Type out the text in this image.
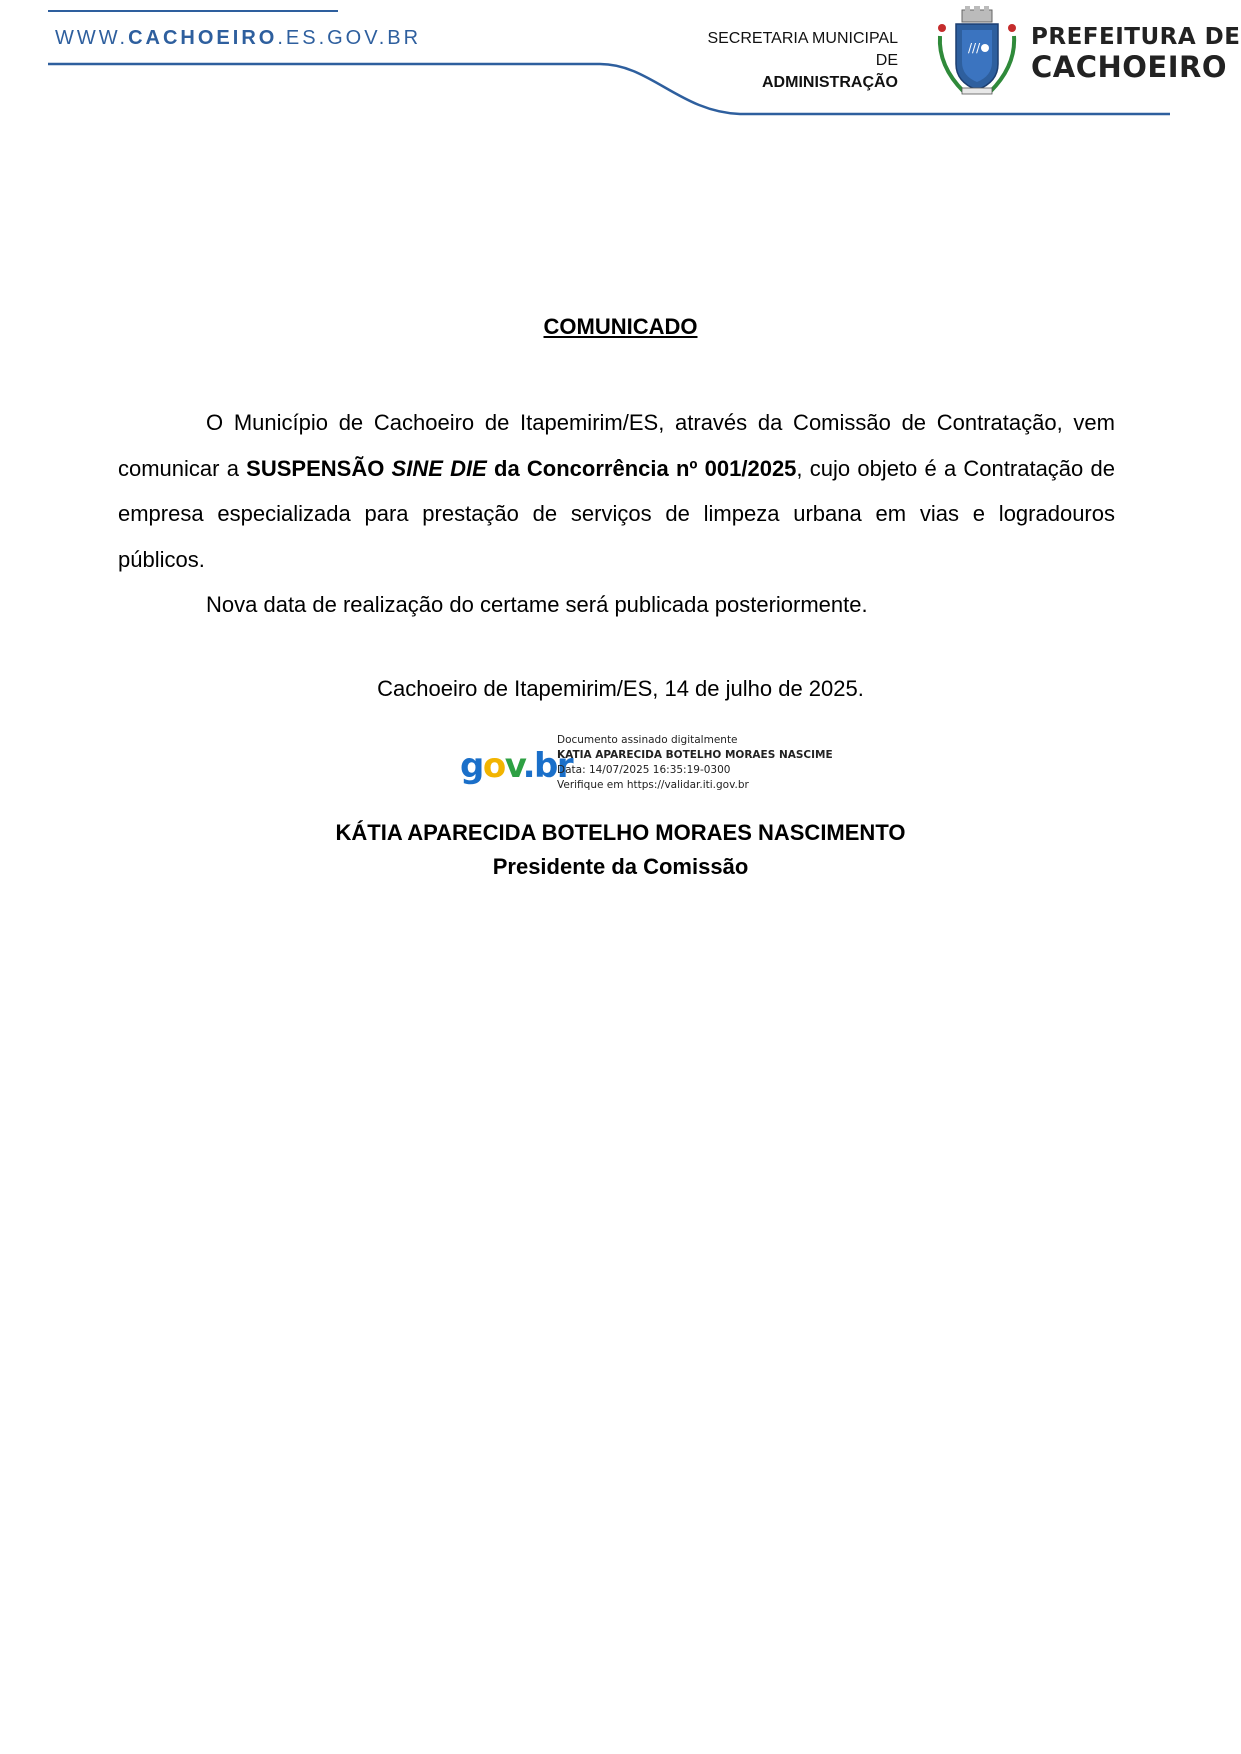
WWW.CACHOEIRO.ES.GOV.BR	SECRETARIA MUNICIPAL DE
ADMINISTRAÇÃO
/// PREFEITURA DE
CACHOEIRO
COMUNICADO

O Município de Cachoeiro de Itapemirim/ES, através da Comissão de Contratação, vem comunicar a SUSPENSÃO SINE DIE da Concorrência nº 001/2025, cujo objeto é a Contratação de empresa especializada para prestação de serviços de limpeza urbana em vias e logradouros públicos.

Nova data de realização do certame será publicada posteriormente.

Cachoeiro de Itapemirim/ES, 14 de julho de 2025.
gov.br
Documento assinado digitalmente
KATIA APARECIDA BOTELHO MORAES NASCIME
Data: 14/07/2025 16:35:19-0300
Verifique em https://validar.iti.gov.br
KÁTIA APARECIDA BOTELHO MORAES NASCIMENTO
Presidente da Comissão
